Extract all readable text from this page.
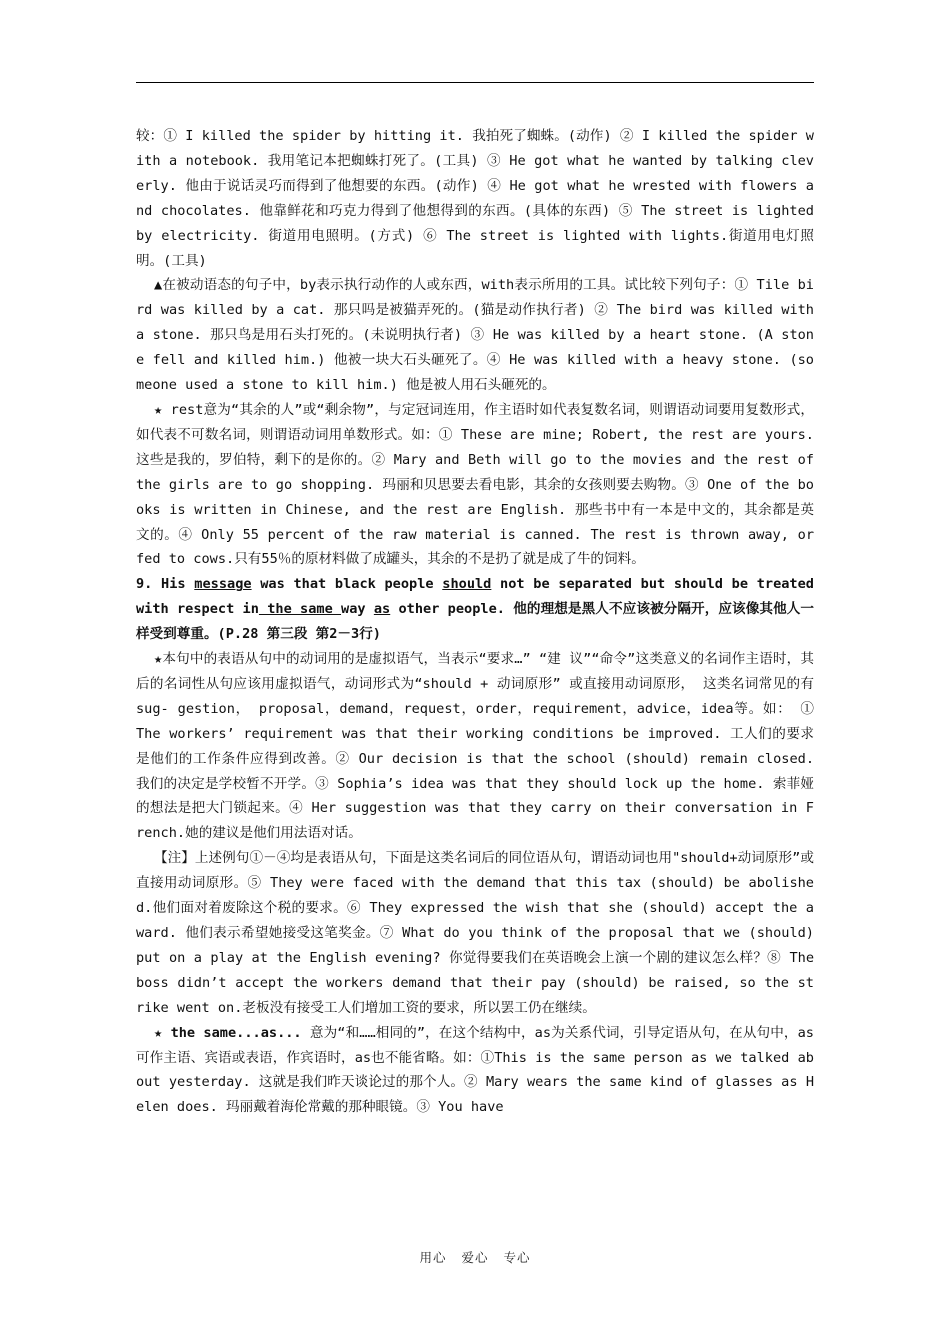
较：① I killed the spider by hitting it. 我拍死了蜘蛛。(动作) ② I killed the spider with a notebook. 我用笔记本把蜘蛛打死了。(工具) ③ He got what he wanted by talking cleverly. 他由于说话灵巧而得到了他想要的东西。(动作) ④ He got what he wrested with flowers and chocolates. 他靠鲜花和巧克力得到了他想得到的东西。(具体的东西) ⑤ The street is lighted by electricity. 街道用电照明。(方式) ⑥ The street is lighted with lights.街道用电灯照明。(工具)

▲在被动语态的句子中，by表示执行动作的人或东西，with表示所用的工具。试比较下列句子：① Tile bird was killed by a cat. 那只吗是被猫弄死的。(猫是动作执行者) ② The bird was killed with a stone. 那只鸟是用石头打死的。(未说明执行者) ③ He was killed by a heart stone. (A stone fell and killed him.) 他被一块大石头砸死了。④ He was killed with a heavy stone. (someone used a stone to kill him.) 他是被人用石头砸死的。

★ rest意为“其余的人”或“剩余物”，与定冠词连用，作主语时如代表复数名词，则谓语动词要用复数形式，如代表不可数名词，则谓语动词用单数形式。如：① These are mine; Robert, the rest are yours. 这些是我的，罗伯特，剩下的是你的。② Mary and Beth will go to the movies and the rest of the girls are to go shopping. 玛丽和贝思要去看电影，其余的女孩则要去购物。③ One of the books is written in Chinese, and the rest are English. 那些书中有一本是中文的，其余都是英文的。④ Only 55 percent of the raw material is canned. The rest is thrown away, or fed to cows.只有55％的原材料做了成罐头，其余的不是扔了就是成了牛的饲料。

9. His message was that black people should not be separated but should be treated with respect in the same way as other people. 他的理想是黑人不应该被分隔开，应该像其他人一样受到尊重。(P.28 第三段 第2－3行)

★本句中的表语从句中的动词用的是虚拟语气，当表示“要求…” “建 议”“命令”这类意义的名词作主语时，其后的名词性从句应该用虚拟语气，动词形式为“should + 动词原形” 或直接用动词原形， 这类名词常见的有 sug- gestion， proposal，demand，request，order，requirement，advice，idea等。如： ① The workers’ requirement was that their working conditions be improved. 工人们的要求是他们的工作条件应得到改善。② Our decision is that the school (should) remain closed. 我们的决定是学校暂不开学。③ Sophia’s idea was that they should lock up the home. 索菲娅的想法是把大门锁起来。④ Her suggestion was that they carry on their conversation in French.她的建议是他们用法语对话。

【注】上述例句①－④均是表语从句，下面是这类名词后的同位语从句，谓语动词也用"should+动词原形”或直接用动词原形。⑤ They were faced with the demand that this tax (should) be abolished.他们面对着废除这个税的要求。⑥ They expressed the wish that she (should) accept the award. 他们表示希望她接受这笔奖金。⑦ What do you think of the proposal that we (should) put on a play at the English evening? 你觉得要我们在英语晚会上演一个剧的建议怎么样？⑧ The boss didn’t accept the workers demand that their pay (should) be raised, so the strike went on.老板没有接受工人们增加工资的要求，所以罢工仍在继续。

★ the same...as... 意为“和……相同的”，在这个结构中，as为关系代词，引导定语从句，在从句中，as可作主语、宾语或表语，作宾语时，as也不能省略。如：①This is the same person as we talked about yesterday. 这就是我们昨天谈论过的那个人。② Mary wears the same kind of glasses as Helen does. 玛丽戴着海伦常戴的那种眼镜。③ You have

用心 爱心 专心
